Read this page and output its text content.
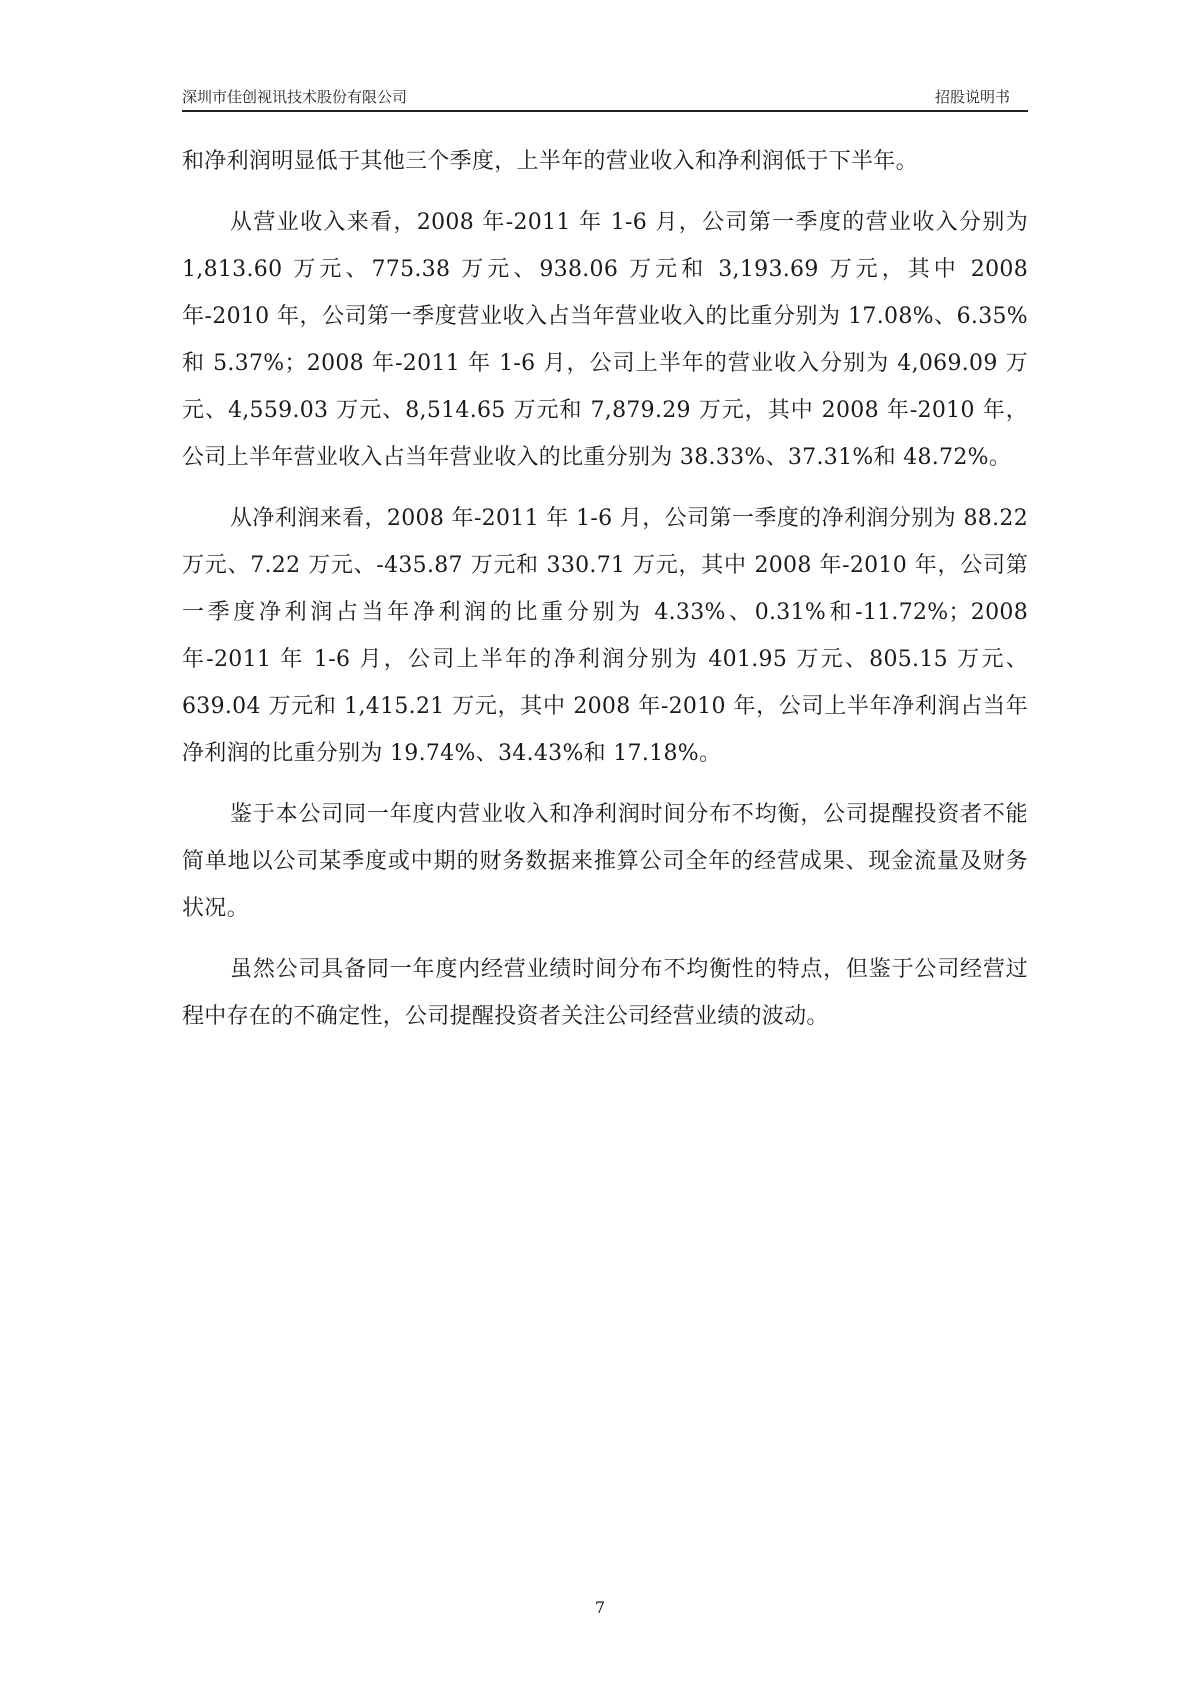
深圳市佳创视讯技术股份有限公司	招股说明书

和净利润明显低于其他三个季度，上半年的营业收入和净利润低于下半年。

从营业收入来看，2008 年-2011 年 1-6 月，公司第一季度的营业收入分别为 1,813.60 万元、775.38 万元、938.06 万元和 3,193.69 万元，其中 2008 年-2010 年，公司第一季度营业收入占当年营业收入的比重分别为 17.08%、6.35%和 5.37%；2008 年-2011 年 1-6 月，公司上半年的营业收入分别为 4,069.09 万元、4,559.03 万元、8,514.65 万元和 7,879.29 万元，其中 2008 年-2010 年，公司上半年营业收入占当年营业收入的比重分别为 38.33%、37.31%和 48.72%。

从净利润来看，2008 年-2011 年 1-6 月，公司第一季度的净利润分别为 88.22 万元、7.22 万元、-435.87 万元和 330.71 万元，其中 2008 年-2010 年，公司第一季度净利润占当年净利润的比重分别为 4.33%、0.31%和-11.72%；2008 年-2011 年 1-6 月，公司上半年的净利润分别为 401.95 万元、805.15 万元、639.04 万元和 1,415.21 万元，其中 2008 年-2010 年，公司上半年净利润占当年净利润的比重分别为 19.74%、34.43%和 17.18%。

鉴于本公司同一年度内营业收入和净利润时间分布不均衡，公司提醒投资者不能简单地以公司某季度或中期的财务数据来推算公司全年的经营成果、现金流量及财务状况。

虽然公司具备同一年度内经营业绩时间分布不均衡性的特点，但鉴于公司经营过程中存在的不确定性，公司提醒投资者关注公司经营业绩的波动。

7
